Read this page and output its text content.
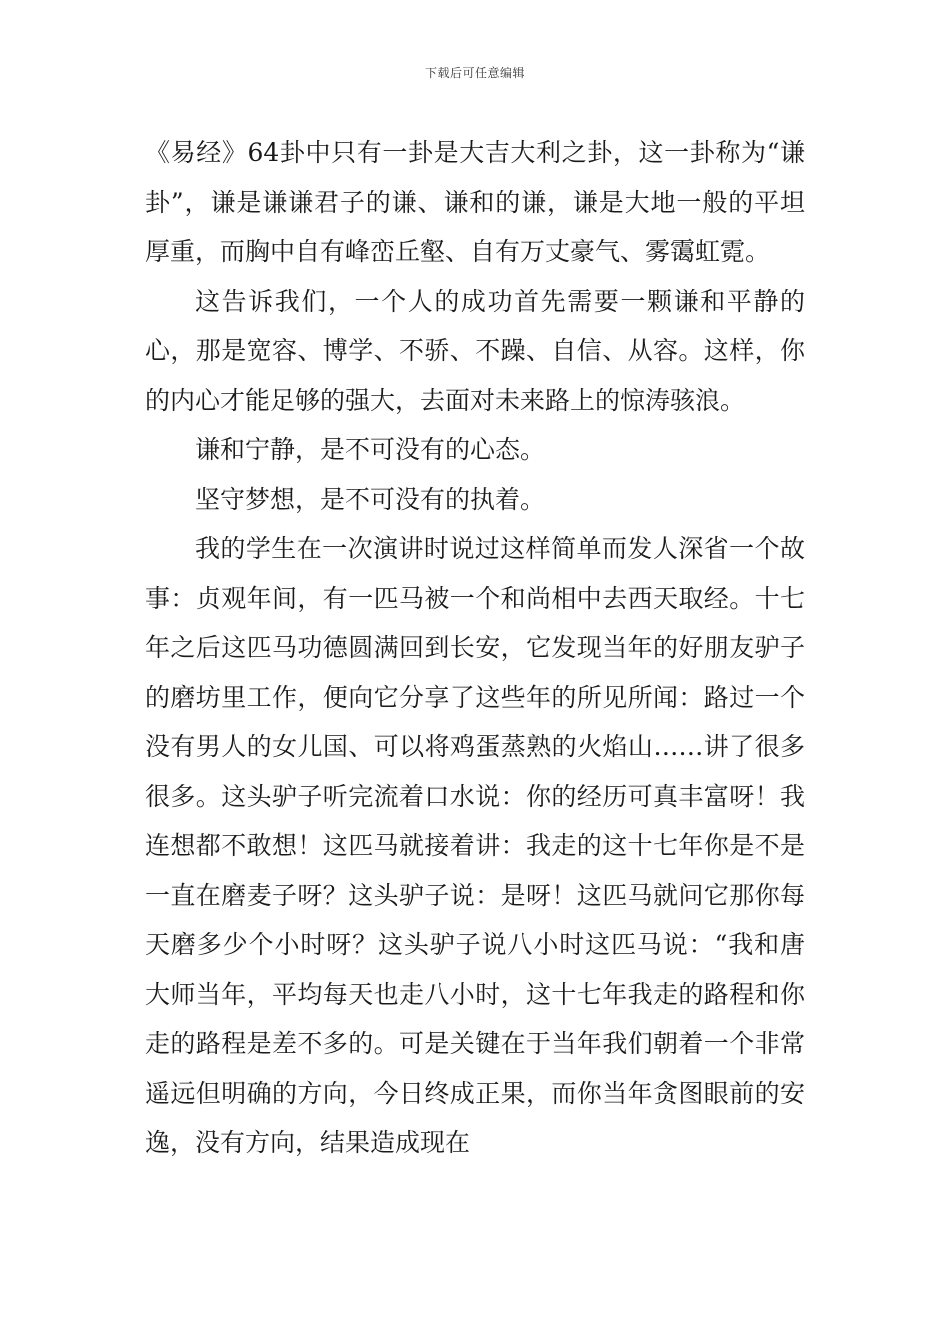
下载后可任意编辑

《易经》64卦中只有一卦是大吉大利之卦，这一卦称为“谦卦”，谦是谦谦君子的谦、谦和的谦，谦是大地一般的平坦厚重，而胸中自有峰峦丘壑、自有万丈豪气、雾霭虹霓。

这告诉我们，一个人的成功首先需要一颗谦和平静的心，那是宽容、博学、不骄、不躁、自信、从容。这样，你的内心才能足够的强大，去面对未来路上的惊涛骇浪。

谦和宁静，是不可没有的心态。

坚守梦想，是不可没有的执着。

我的学生在一次演讲时说过这样简单而发人深省一个故事：贞观年间，有一匹马被一个和尚相中去西天取经。十七年之后这匹马功德圆满回到长安，它发现当年的好朋友驴子的磨坊里工作，便向它分享了这些年的所见所闻：路过一个没有男人的女儿国、可以将鸡蛋蒸熟的火焰山……讲了很多很多。这头驴子听完流着口水说：你的经历可真丰富呀！我连想都不敢想！这匹马就接着讲：我走的这十七年你是不是一直在磨麦子呀？这头驴子说：是呀！这匹马就问它那你每天磨多少个小时呀？这头驴子说八小时这匹马说：“我和唐大师当年，平均每天也走八小时，这十七年我走的路程和你走的路程是差不多的。可是关键在于当年我们朝着一个非常遥远但明确的方向，今日终成正果，而你当年贪图眼前的安逸，没有方向，结果造成现在
